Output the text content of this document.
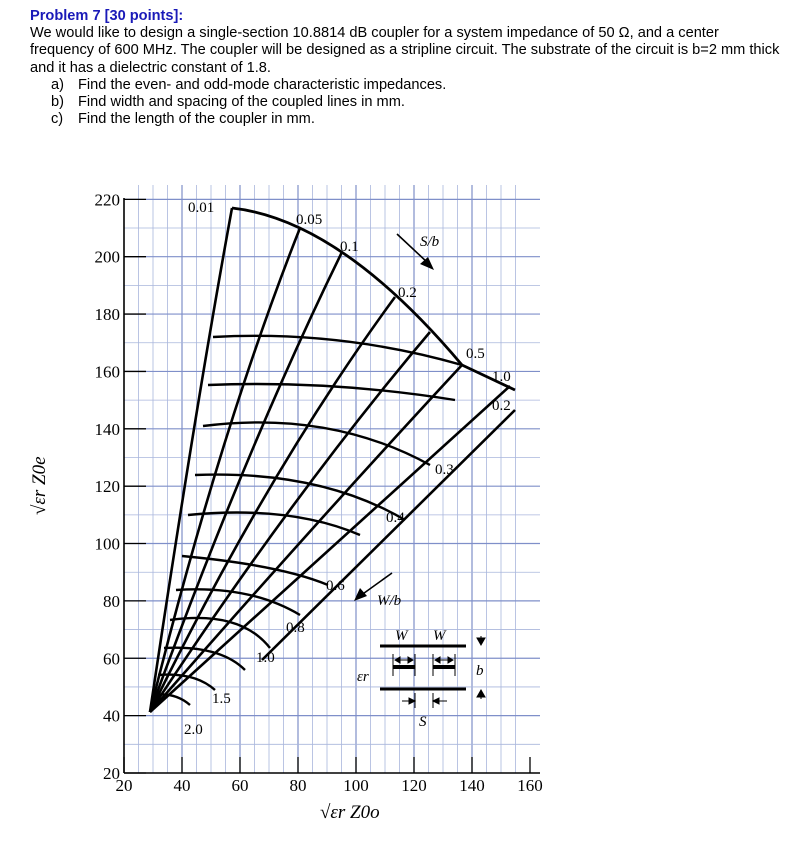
Problem 7 [30 points]:

We would like to design a single-section 10.8814 dB coupler for a system impedance of 50 Ω, and a center frequency of 600 MHz. The coupler will be designed as a stripline circuit. The substrate of the circuit is b=2 mm thick and it has a dielectric constant of 1.8.

a) Find the even- and odd-mode characteristic impedances.
b) Find width and spacing of the coupled lines in mm.
c)	Find the length of the coupler in mm.
20
40
60
80
100
120
140
160
180
200
220
20 40 60 80 100 120 140 160
0.01
0.05
0.1
0.2
0.5
1.0
0.2
0.3
0.4
0.6
0.8
1.0
1.5
2.0
S/b
W/b
W W
b
S
εr
√εr Z0o
√εr Z0e
